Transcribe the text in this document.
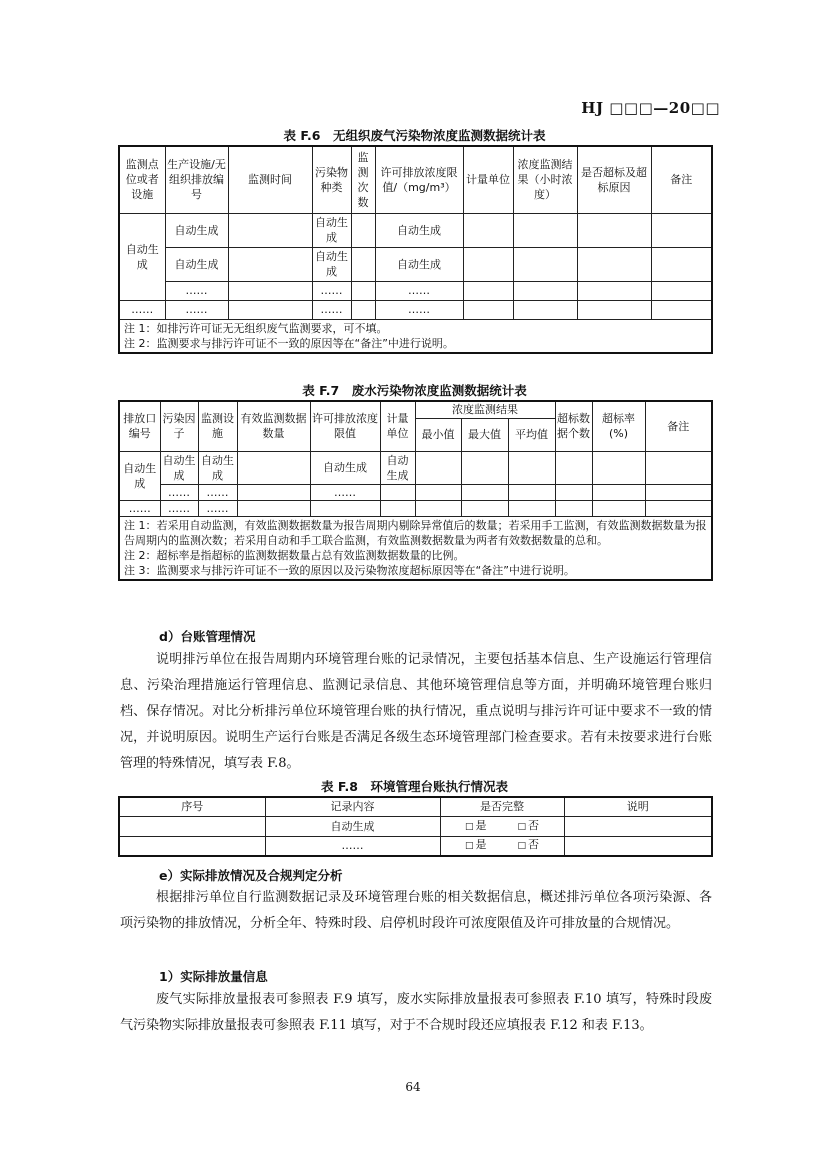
HJ □□□—20□□
表 F.6　无组织废气污染物浓度监测数据统计表
监测点位或者设施	生产设施/无组织排放编号	监测时间	污染物种类	监测次数	许可排放浓度限值/（mg/m³）	计量单位	浓度监测结果（小时浓度）	是否超标及超标原因	备注
自动生成	自动生成		自动生成		自动生成				
	自动生成		自动生成		自动生成				
	……		……		……				
……	……		……		……				

注 1：如排污许可证无无组织废气监测要求，可不填。
注 2：监测要求与排污许可证不一致的原因等在“备注”中进行说明。									
表 F.7　废水污染物浓度监测数据统计表
排放口编号	污染因子	监测设施	有效监测数据数量	许可排放浓度限值	计量单位	浓度监测结果			超标数据个数	超标率(%)	备注
						最小值	最大值	平均值			
自动生成	自动生成	自动生成		自动生成	自动生成						
	……	……		……							
……	……	……									

注 1：若采用自动监测，有效监测数据数量为报告周期内剔除异常值后的数量；若采用手工监测，有效监测数据数量为报告周期内的监测次数；若采用自动和手工联合监测，有效监测数据数量为两者有效数据数量的总和。
注 2：超标率是指超标的监测数据数量占总有效监测数据数量的比例。
注 3：监测要求与排污许可证不一致的原因以及污染物浓度超标原因等在“备注”中进行说明。											
d）台账管理情况
说明排污单位在报告周期内环境管理台账的记录情况，主要包括基本信息、生产设施运行管理信息、污染治理措施运行管理信息、监测记录信息、其他环境管理信息等方面，并明确环境管理台账归档、保存情况。对比分析排污单位环境管理台账的执行情况，重点说明与排污许可证中要求不一致的情况，并说明原因。说明生产运行台账是否满足各级生态环境管理部门检查要求。若有未按要求进行台账管理的特殊情况，填写表 F.8。
表 F.8　环境管理台账执行情况表
序号	记录内容	是否完整	说明
	自动生成	□ 是 □ 否	
	……	□ 是 □ 否	
e）实际排放情况及合规判定分析
根据排污单位自行监测数据记录及环境管理台账的相关数据信息，概述排污单位各项污染源、各项污染物的排放情况，分析全年、特殊时段、启停机时段许可浓度限值及许可排放量的合规情况。
1）实际排放量信息
废气实际排放量报表可参照表 F.9 填写，废水实际排放量报表可参照表 F.10 填写，特殊时段废气污染物实际排放量报表可参照表 F.11 填写，对于不合规时段还应填报表 F.12 和表 F.13。
64
